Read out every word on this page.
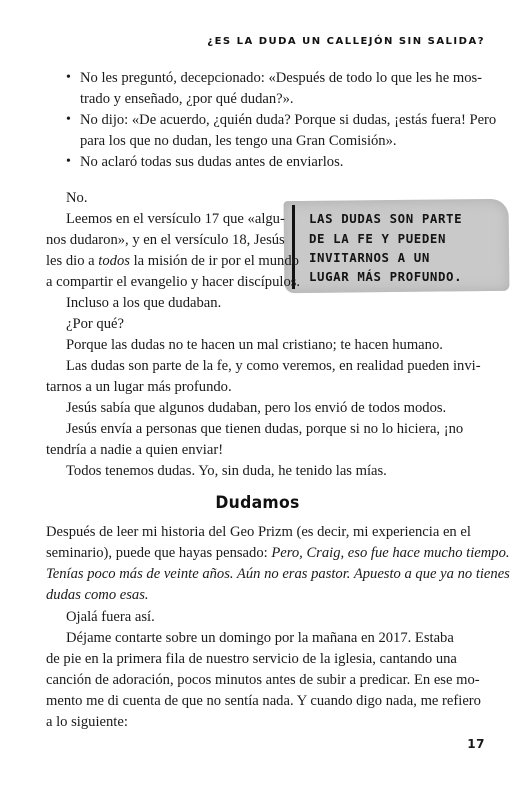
¿ES LA DUDA UN CALLEJÓN SIN SALIDA?
• No les preguntó, decepcionado: «Después de todo lo que les he mos-

trado y enseñado, ¿por qué dudan?».

• No dijo: «De acuerdo, ¿quién duda? Porque si dudas, ¡estás fuera! Pero

para los que no dudan, les tengo una Gran Comisión».

• No aclaró todas sus dudas antes de enviarlos.

LAS DUDAS SON PARTE
DE LA FE Y PUEDEN
INVITARNOS A UN
LUGAR MÁS PROFUNDO.

No.

Leemos en el versículo 17 que «algu-

nos dudaron», y en el versículo 18, Jesús

les dio a todos la misión de ir por el mundo

a compartir el evangelio y hacer discípulos.

Incluso a los que dudaban.

¿Por qué?

Porque las dudas no te hacen un mal cristiano; te hacen humano.

Las dudas son parte de la fe, y como veremos, en realidad pueden invi-

tarnos a un lugar más profundo.

Jesús sabía que algunos dudaban, pero los envió de todos modos.

Jesús envía a personas que tienen dudas, porque si no lo hiciera, ¡no

tendría a nadie a quien enviar!

Todos tenemos dudas. Yo, sin duda, he tenido las mías.

Dudamos

Después de leer mi historia del Geo Prizm (es decir, mi experiencia en el

seminario), puede que hayas pensado: Pero, Craig, eso fue hace mucho tiempo.

Tenías poco más de veinte años. Aún no eras pastor. Apuesto a que ya no tienes

dudas como esas.

Ojalá fuera así.

Déjame contarte sobre un domingo por la mañana en 2017. Estaba

de pie en la primera fila de nuestro servicio de la iglesia, cantando una

canción de adoración, pocos minutos antes de subir a predicar. En ese mo-

mento me di cuenta de que no sentía nada. Y cuando digo nada, me refiero

a lo siguiente:

17
